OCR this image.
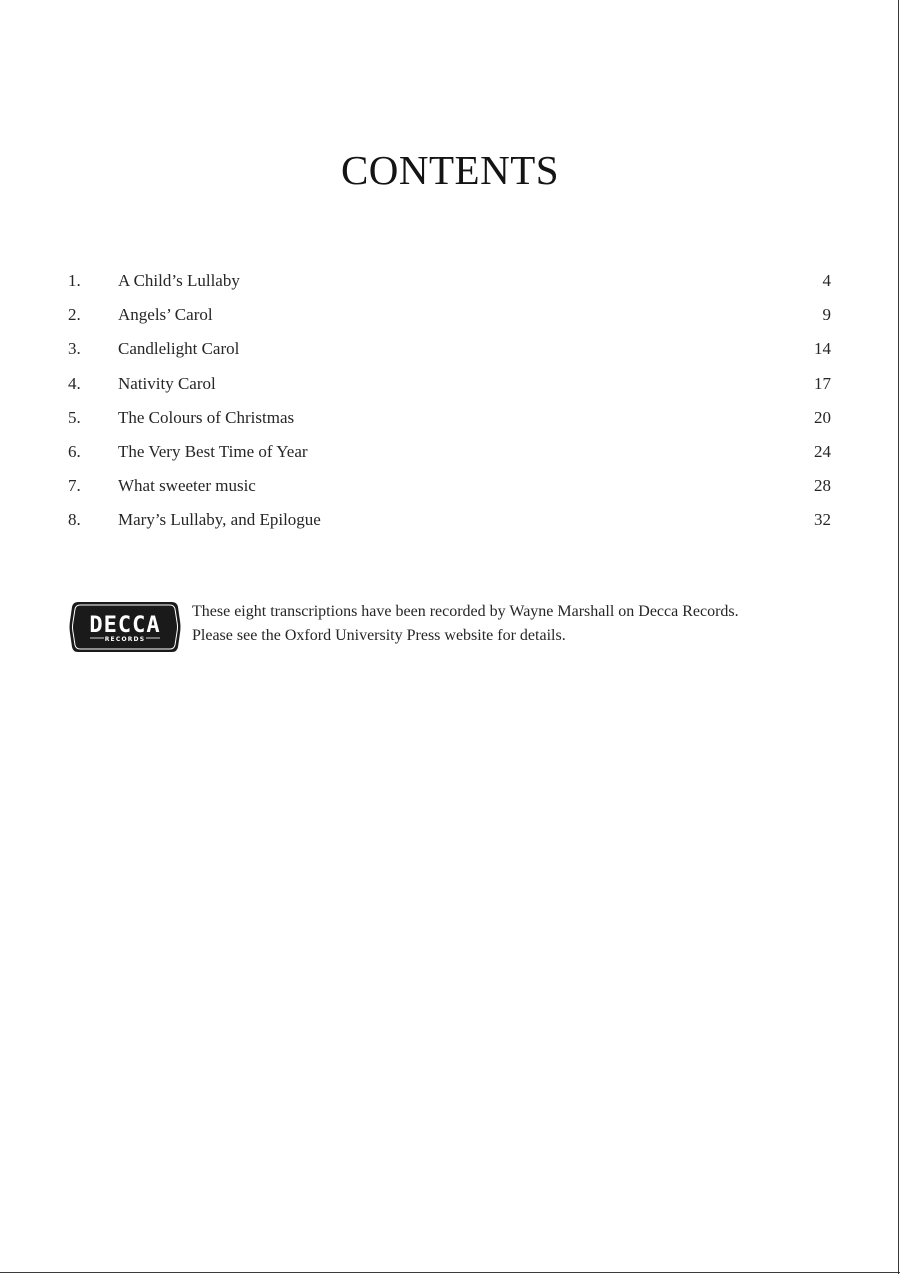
CONTENTS
1. A Child’s Lullaby	4
2. Angels’ Carol	9
3. Candlelight Carol	14
4. Nativity Carol	17
5. The Colours of Christmas	20
6. The Very Best Time of Year	24
7. What sweeter music	28
8. Mary’s Lullaby, and Epilogue	32
DECCA
RECORDS
These eight transcriptions have been recorded by Wayne Marshall on Decca Records.
Please see the Oxford University Press website for details.
